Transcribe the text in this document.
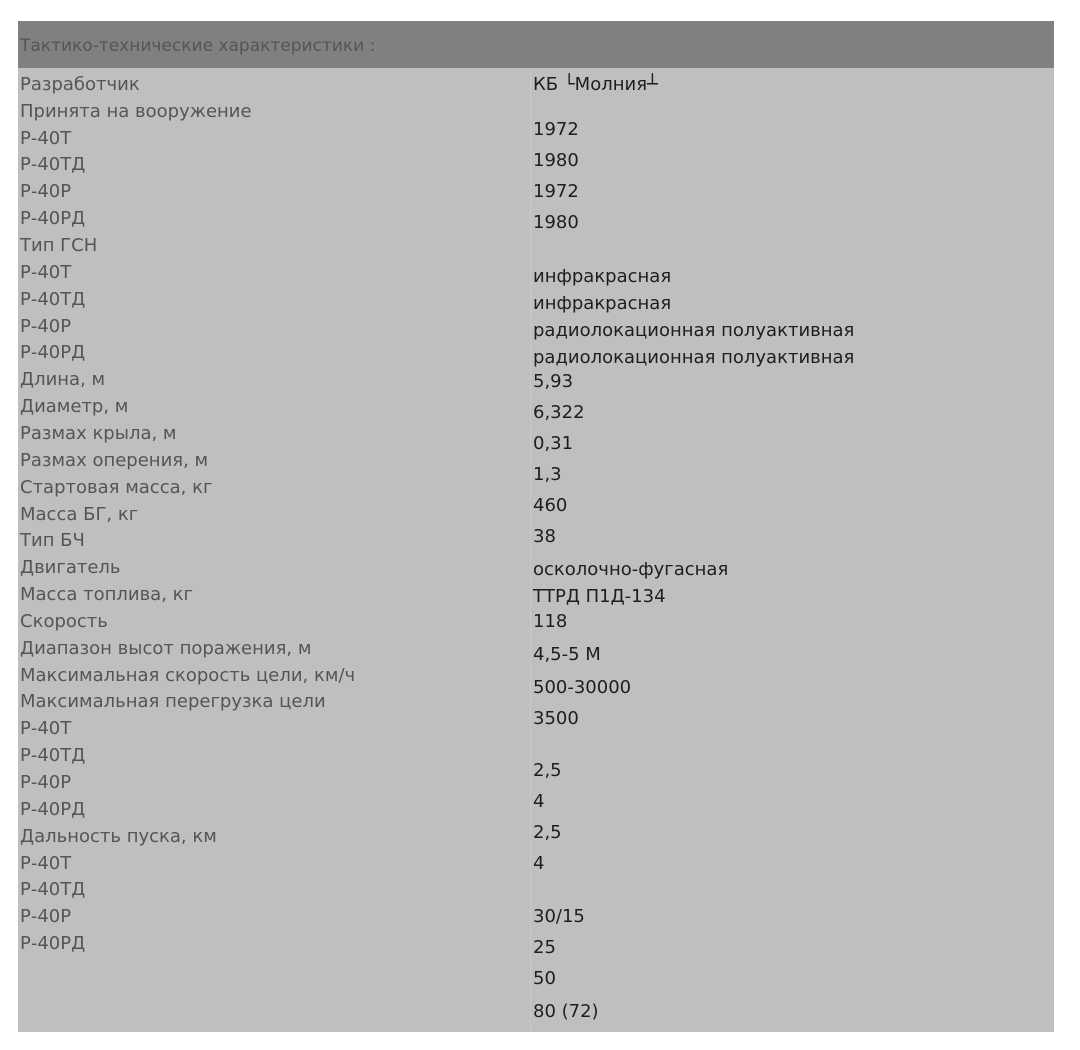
Тактико-технические характеристики :
Разработчик
Принята на вооружение
Р-40Т
Р-40ТД
Р-40Р
Р-40РД
Тип ГСН
Р-40Т
Р-40ТД
Р-40Р
Р-40РД
Длина, м
Диаметр, м
Размах крыла, м
Размах оперения, м
Стартовая масса, кг
Масса БГ, кг
Тип БЧ
Двигатель
Масса топлива, кг
Скорость
Диапазон высот поражения, м
Максимальная скорость цели, км/ч
Максимальная перегрузка цели
Р-40Т
Р-40ТД
Р-40Р
Р-40РД
Дальность пуска, км
Р-40Т
Р-40ТД
Р-40Р
Р-40РД
КБ └Молния┴
1972
1980
1972
1980
инфракрасная
инфракрасная
радиолокационная полуактивная
радиолокационная полуактивная
5,93
6,322
0,31
1,3
460
38
осколочно-фугасная
ТТРД П1Д-134
118
4,5-5 М
500-30000
3500
2,5
4
2,5
4
30/15
25
50
80 (72)
